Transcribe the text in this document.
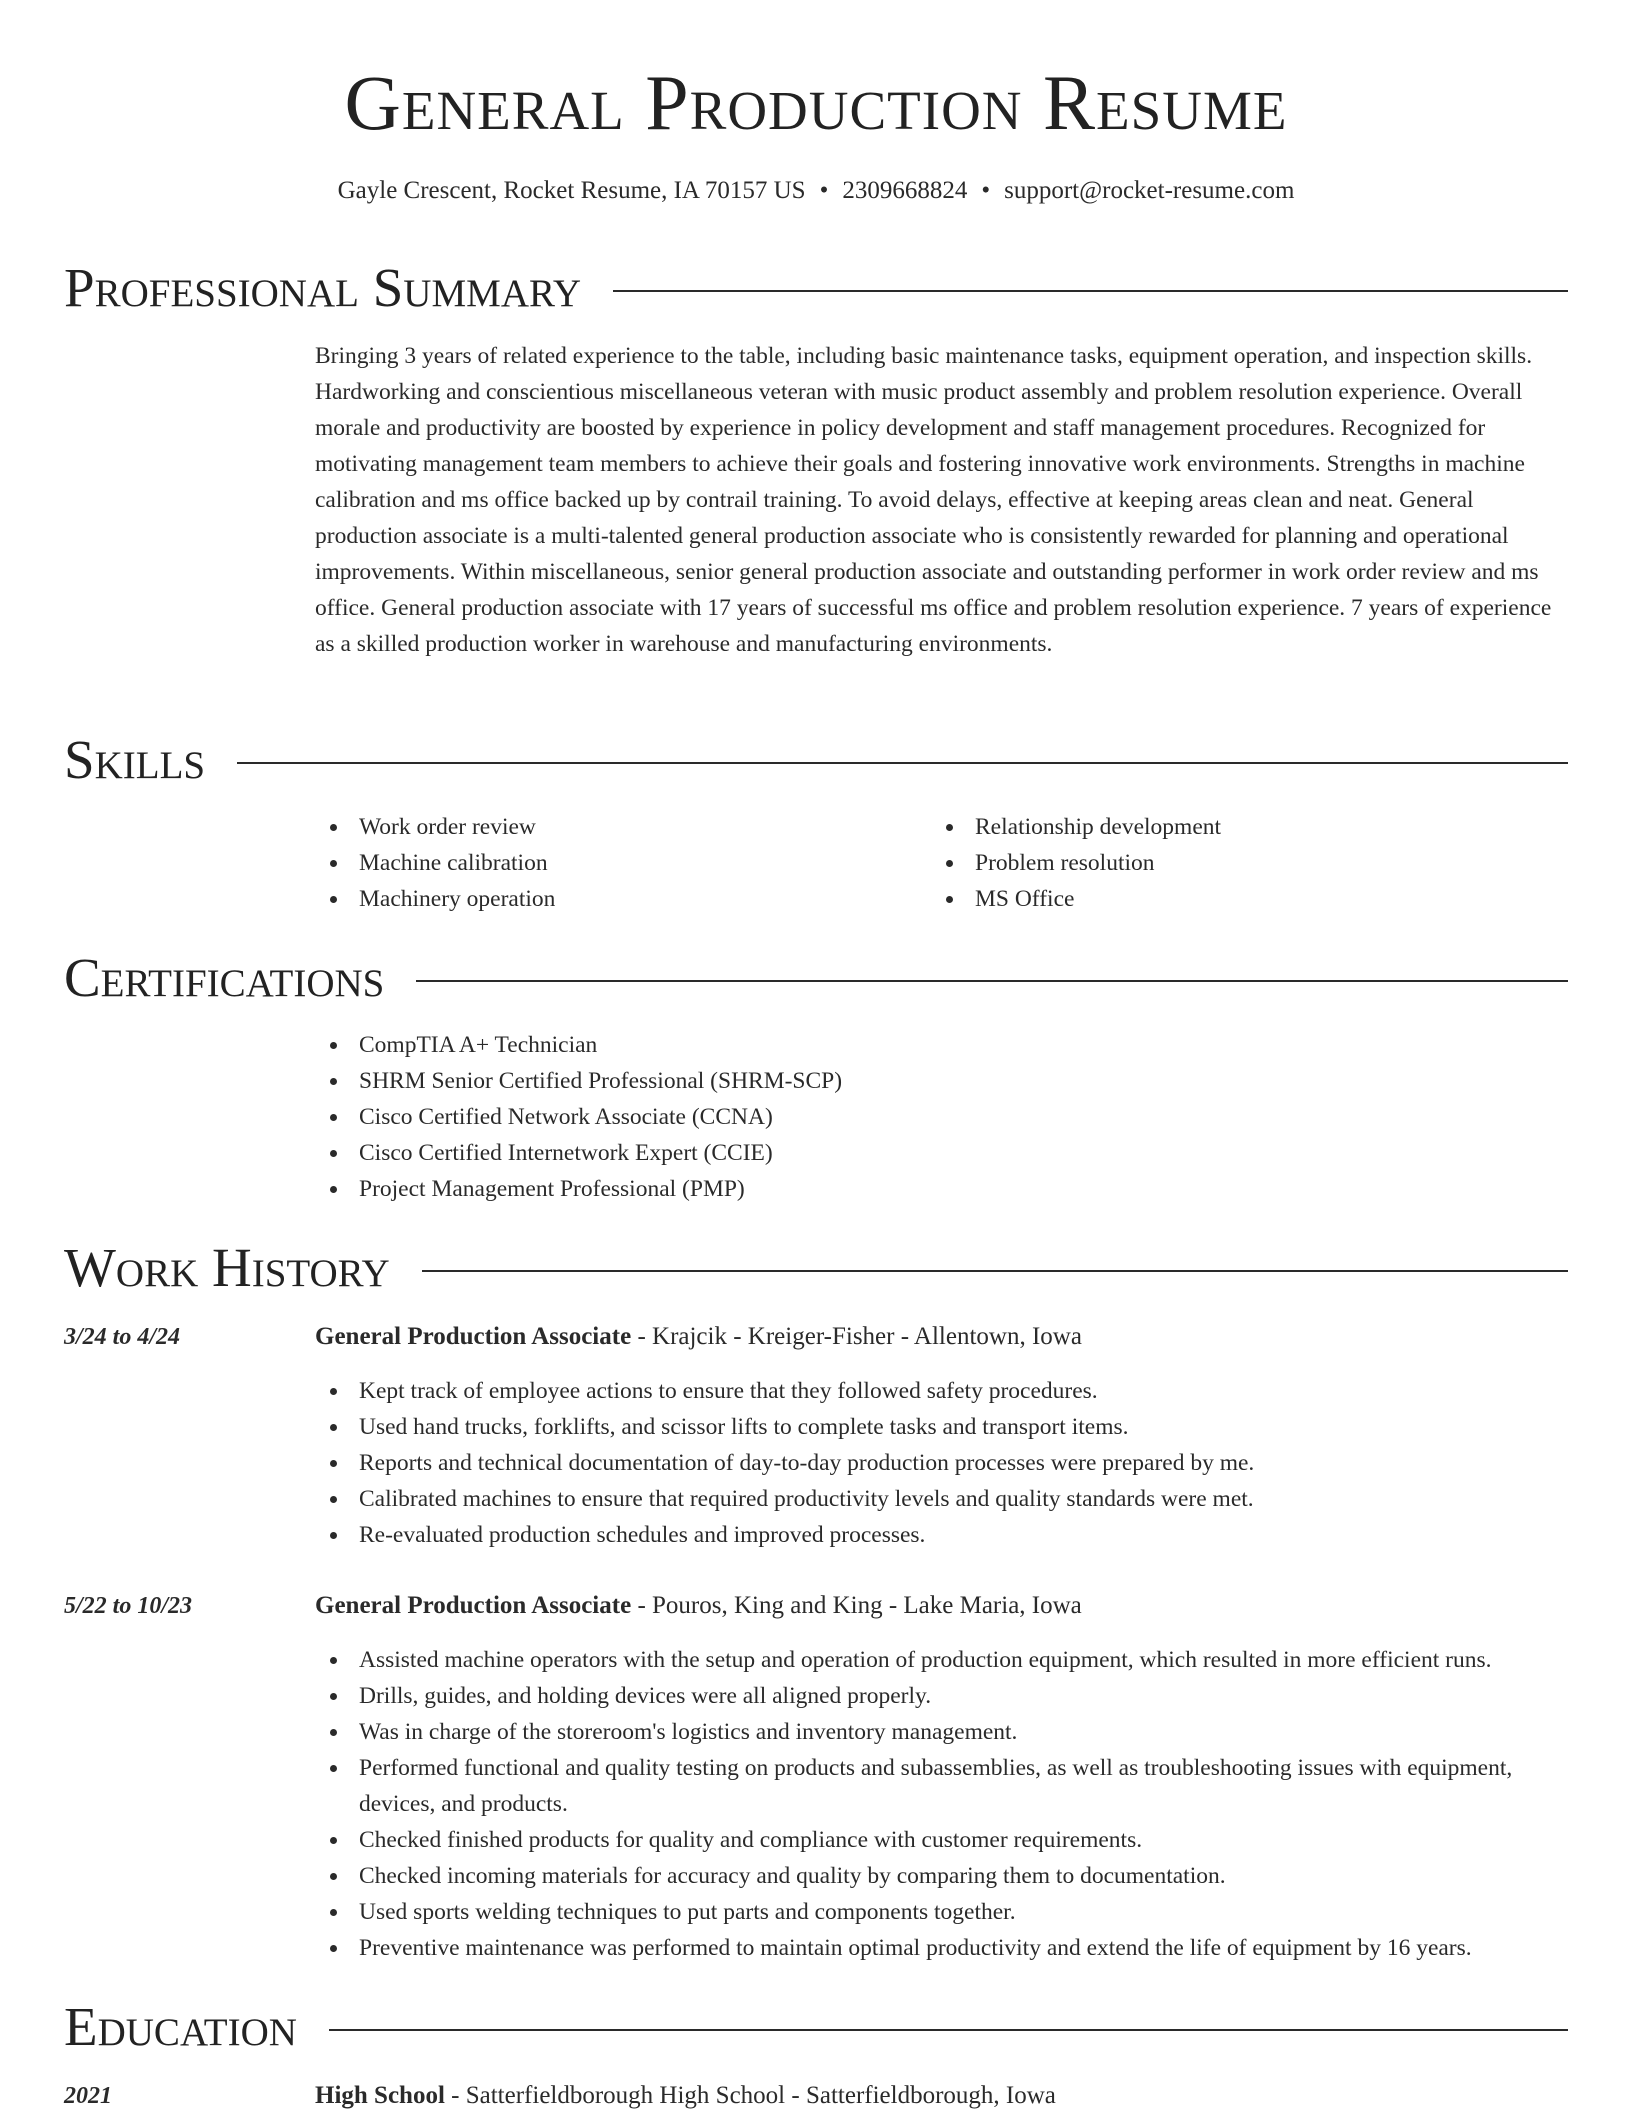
General Production Resume
Gayle Crescent, Rocket Resume, IA 70157 US • 2309668824 • support@rocket-resume.com
Professional Summary

Bringing 3 years of related experience to the table, including basic maintenance tasks, equipment operation, and inspection skills. Hardworking and conscientious miscellaneous veteran with music product assembly and problem resolution experience. Overall morale and productivity are boosted by experience in policy development and staff management procedures. Recognized for motivating management team members to achieve their goals and fostering innovative work environments. Strengths in machine calibration and ms office backed up by contrail training. To avoid delays, effective at keeping areas clean and neat. General production associate is a multi-talented general production associate who is consistently rewarded for planning and operational improvements. Within miscellaneous, senior general production associate and outstanding performer in work order review and ms office. General production associate with 17 years of successful ms office and problem resolution experience. 7 years of experience as a skilled production worker in warehouse and manufacturing environments.

Skills
Work order review
Machine calibration
Machinery operation
Relationship development
Problem resolution
MS Office
Certifications
CompTIA A+ Technician
SHRM Senior Certified Professional (SHRM-SCP)
Cisco Certified Network Associate (CCNA)
Cisco Certified Internetwork Expert (CCIE)
Project Management Professional (PMP)
Work History
3/24 to 4/24	General Production Associate - Krajcik - Kreiger-Fisher - Allentown, Iowa
Kept track of employee actions to ensure that they followed safety procedures.
Used hand trucks, forklifts, and scissor lifts to complete tasks and transport items.
Reports and technical documentation of day-to-day production processes were prepared by me.
Calibrated machines to ensure that required productivity levels and quality standards were met.
Re-evaluated production schedules and improved processes.
5/22 to 10/23	General Production Associate - Pouros, King and King - Lake Maria, Iowa
Assisted machine operators with the setup and operation of production equipment, which resulted in more efficient runs.
Drills, guides, and holding devices were all aligned properly.
Was in charge of the storeroom's logistics and inventory management.
Performed functional and quality testing on products and subassemblies, as well as troubleshooting issues with equipment, devices, and products.
Checked finished products for quality and compliance with customer requirements.
Checked incoming materials for accuracy and quality by comparing them to documentation.
Used sports welding techniques to put parts and components together.
Preventive maintenance was performed to maintain optimal productivity and extend the life of equipment by 16 years.
Education
2021	High School - Satterfieldborough High School - Satterfieldborough, Iowa
